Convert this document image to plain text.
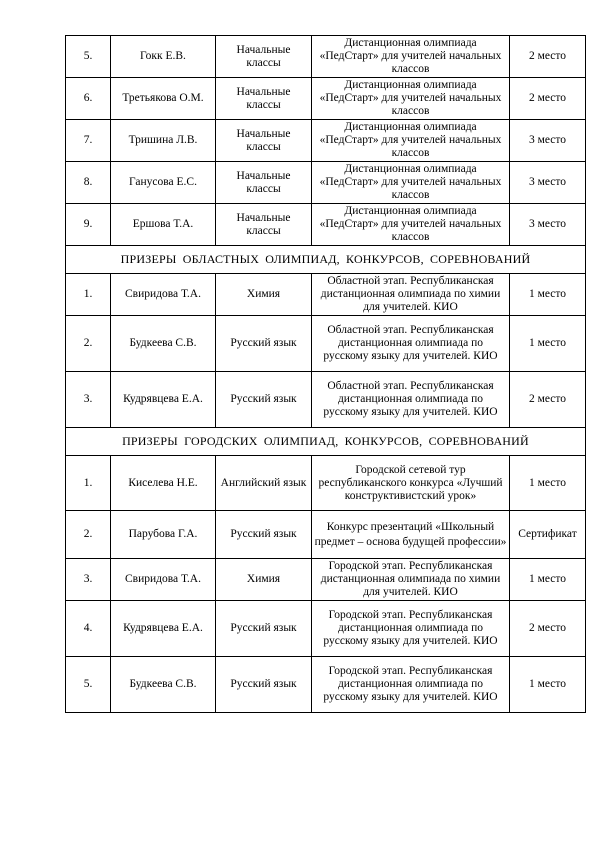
5.	Гокк Е.В.	Начальные классы	Дистанционная олимпиада «ПедСтарт» для учителей начальных классов	2 место
6.	Третьякова О.М.	Начальные классы	Дистанционная олимпиада «ПедСтарт» для учителей начальных классов	2 место
7.	Тришина Л.В.	Начальные классы	Дистанционная олимпиада «ПедСтарт» для учителей начальных классов	3 место
8.	Ганусова Е.С.	Начальные классы	Дистанционная олимпиада «ПедСтарт» для учителей начальных классов	3 место
9.	Ершова Т.А.	Начальные классы	Дистанционная олимпиада «ПедСтарт» для учителей начальных классов	3 место
ПРИЗЕРЫ ОБЛАСТНЫХ ОЛИМПИАД, КОНКУРСОВ, СОРЕВНОВАНИЙ				
1.	Свиридова Т.А.	Химия	Областной этап. Республиканская дистанционная олимпиада по химии для учителей. КИО	1 место
2.	Будкеева С.В.	Русский язык	Областной этап. Республиканская дистанционная олимпиада по русскому языку для учителей. КИО	1 место
3.	Кудрявцева Е.А.	Русский язык	Областной этап. Республиканская дистанционная олимпиада по русскому языку для учителей. КИО	2 место
ПРИЗЕРЫ ГОРОДСКИХ ОЛИМПИАД, КОНКУРСОВ, СОРЕВНОВАНИЙ				
1.	Киселева Н.Е.	Английский язык	Городской сетевой тур республиканского конкурса «Лучший конструктивистский урок»	1 место
2.	Парубова Г.А.	Русский язык	Конкурс презентаций «Школьный предмет – основа будущей профессии»	Сертификат
3.	Свиридова Т.А.	Химия	Городской этап. Республиканская дистанционная олимпиада по химии для учителей. КИО	1 место
4.	Кудрявцева Е.А.	Русский язык	Городской этап. Республиканская дистанционная олимпиада по русскому языку для учителей. КИО	2 место
5.	Будкеева С.В.	Русский язык	Городской этап. Республиканская дистанционная олимпиада по русскому языку для учителей. КИО	1 место
